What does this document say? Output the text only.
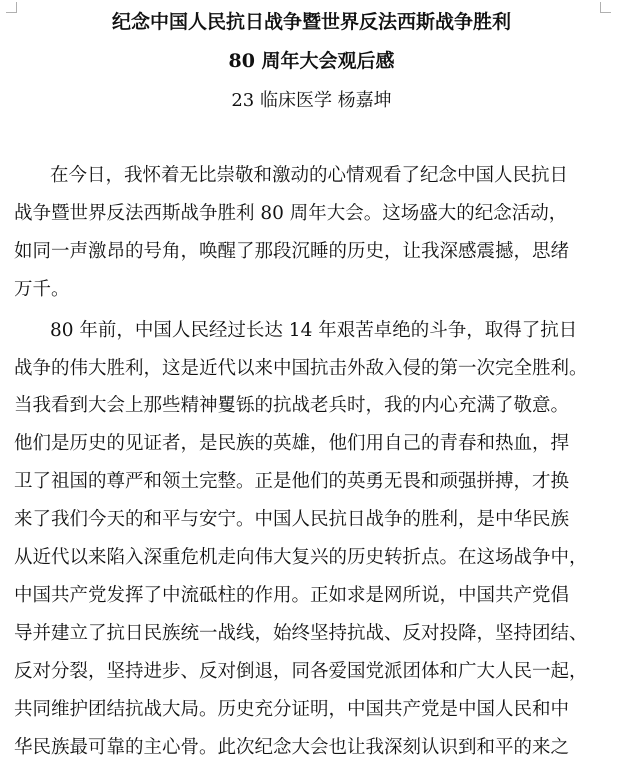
纪念中国人民抗日战争暨世界反法西斯战争胜利
80 周年大会观后感
23 临床医学 杨嘉坤
在今日，我怀着无比崇敬和激动的心情观看了纪念中国人民抗日
战争暨世界反法西斯战争胜利 80 周年大会。这场盛大的纪念活动，
如同一声激昂的号角，唤醒了那段沉睡的历史，让我深感震撼，思绪
万千。
80 年前，中国人民经过长达 14 年艰苦卓绝的斗争，取得了抗日
战争的伟大胜利，这是近代以来中国抗击外敌入侵的第一次完全胜利。
当我看到大会上那些精神矍铄的抗战老兵时，我的内心充满了敬意。
他们是历史的见证者，是民族的英雄，他们用自己的青春和热血，捍
卫了祖国的尊严和领土完整。正是他们的英勇无畏和顽强拼搏，才换
来了我们今天的和平与安宁。中国人民抗日战争的胜利，是中华民族
从近代以来陷入深重危机走向伟大复兴的历史转折点。在这场战争中，
中国共产党发挥了中流砥柱的作用。正如求是网所说，中国共产党倡
导并建立了抗日民族统一战线，始终坚持抗战、反对投降，坚持团结、
反对分裂，坚持进步、反对倒退，同各爱国党派团体和广大人民一起，
共同维护团结抗战大局。历史充分证明，中国共产党是中国人民和中
华民族最可靠的主心骨。此次纪念大会也让我深刻认识到和平的来之
